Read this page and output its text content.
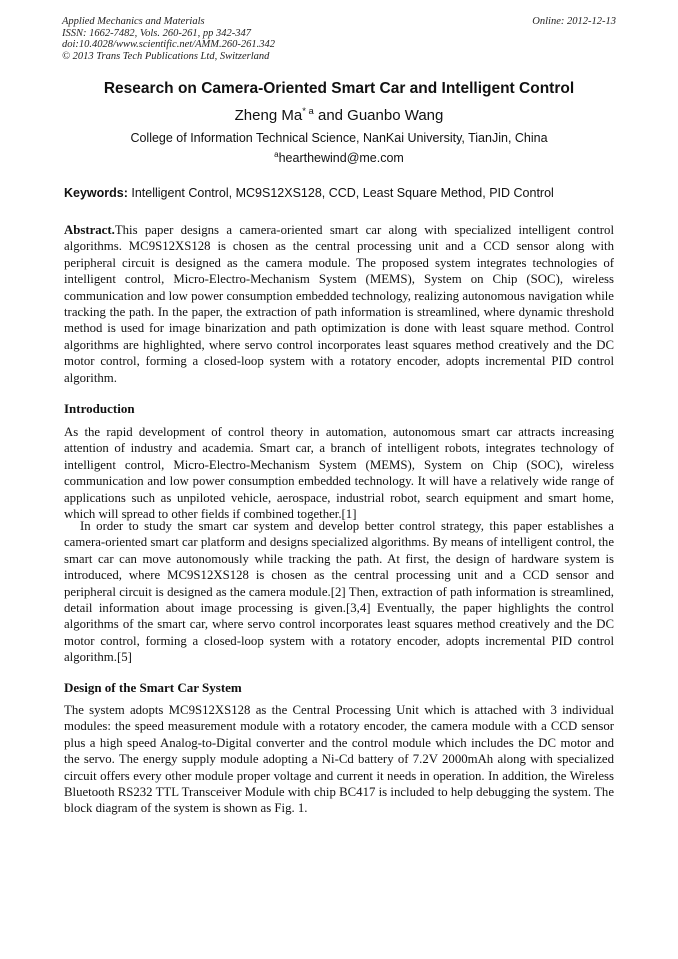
Applied Mechanics and Materials
ISSN: 1662-7482, Vols. 260-261, pp 342-347
doi:10.4028/www.scientific.net/AMM.260-261.342
© 2013 Trans Tech Publications Ltd, Switzerland
Online: 2012-12-13
Research on Camera-Oriented Smart Car and Intelligent Control
Zheng Ma$^{* a}$ and Guanbo Wang
College of Information Technical Science, NanKai University, TianJin, China
$^a$hearthewind@me.com
Keywords: Intelligent Control, MC9S12XS128, CCD, Least Square Method, PID Control

Abstract.This paper designs a camera-oriented smart car along with specialized intelligent control algorithms. MC9S12XS128 is chosen as the central processing unit and a CCD sensor along with peripheral circuit is designed as the camera module. The proposed system integrates technologies of intelligent control, Micro-Electro-Mechanism System (MEMS), System on Chip (SOC), wireless communication and low power consumption embedded technology, realizing autonomous navigation while tracking the path. In the paper, the extraction of path information is streamlined, where dynamic threshold method is used for image binarization and path optimization is done with least square method. Control algorithms are highlighted, where servo control incorporates least squares method creatively and the DC motor control, forming a closed-loop system with a rotatory encoder, adopts incremental PID control algorithm.

Introduction

As the rapid development of control theory in automation, autonomous smart car attracts increasing attention of industry and academia. Smart car, a branch of intelligent robots, integrates technology of intelligent control, Micro-Electro-Mechanism System (MEMS), System on Chip (SOC), wireless communication and low power consumption embedded technology. It will have a relatively wide range of applications such as unpiloted vehicle, aerospace, industrial robot, search equipment and smart home, which will spread to other fields if combined together.[1]

In order to study the smart car system and develop better control strategy, this paper establishes a camera-oriented smart car platform and designs specialized algorithms. By means of intelligent control, the smart car can move autonomously while tracking the path. At first, the design of hardware system is introduced, where MC9S12XS128 is chosen as the central processing unit and a CCD sensor and peripheral circuit is designed as the camera module.[2] Then, extraction of path information is streamlined, detail information about image processing is given.[3,4] Eventually, the paper highlights the control algorithms of the smart car, where servo control incorporates least squares method creatively and the DC motor control, forming a closed-loop system with a rotatory encoder, adopts incremental PID control algorithm.[5]

Design of the Smart Car System

The system adopts MC9S12XS128 as the Central Processing Unit which is attached with 3 individual modules: the speed measurement module with a rotatory encoder, the camera module with a CCD sensor plus a high speed Analog-to-Digital converter and the control module which includes the DC motor and the servo. The energy supply module adopting a Ni-Cd battery of 7.2V 2000mAh along with specialized circuit offers every other module proper voltage and current it needs in operation. In addition, the Wireless Bluetooth RS232 TTL Transceiver Module with chip BC417 is included to help debugging the system. The block diagram of the system is shown as Fig. 1.
